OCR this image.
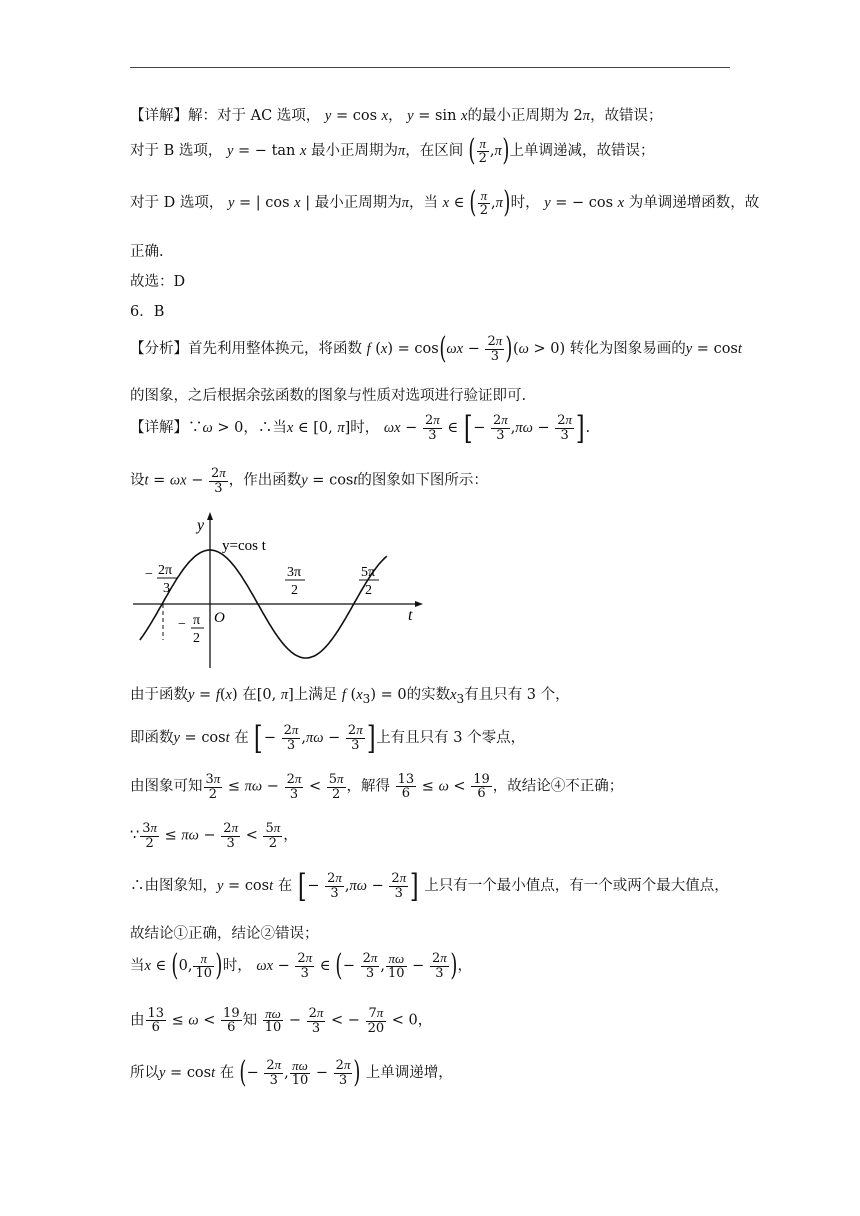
【详解】解：对于 AC 选项， y = cos x， y = sin x的最小正周期为 2π，故错误；
对于 B 选项， y = − tan x 最小正周期为π，在区间 ( $\frac{\pi}{2} ,\pi$)上单调递减，故错误；
对于 D 选项， y = | cos x | 最小正周期为π，当 x ∈ ( $\frac{\pi}{2} ,\pi$)时， y = − cos x 为单调递增函数，故
正确.
故选：D
6．B
【分析】首先利用整体换元，将函数 f $(x) = \cos(\omega x - \frac{2\pi}{3} )(\omega > 0)$ 转化为图象易画的y = cost
的图象，之后根据余弦函数的图象与性质对选项进行验证即可.
【详解】∵ω > 0，∴当x ∈ [0, π]时， $\omega x - \frac{2\pi}{3}$ ∈ [− $\frac{2\pi}{3} ,\pi\omega - \frac{2\pi}{3}$ ].
设$t = \omega x - \frac{2\pi}{3}$ ，作出函数y = cost的图象如下图所示：
y
t
y=cos t
O
− 2π
3
− π
2
3π
2
5π
2
由于函数y = f(x) 在[0, π]上满足 f $(x_3) = 0$的实数$x_3$有且只有 3 个，
即函数y = cost 在 [− $\frac{2\pi}{3} ,\pi\omega - \frac{2\pi}{3}$ ]上有且只有 3 个零点，
由图象可知 $\frac{3\pi}{2} \le \pi\omega - \frac{2\pi}{3} < \frac{5\pi}{2}$ ，解得 $\frac{13}{6} \le \omega < \frac{19}{6}$ ，故结论④不正确；
∵ $\frac{3\pi}{2} \le \pi\omega - \frac{2\pi}{3} < \frac{5\pi}{2}$ ，
∴由图象知，y = cost 在 [− $\frac{2\pi}{3} ,\pi\omega - \frac{2\pi}{3}$ ] 上只有一个最小值点，有一个或两个最大值点，
故结论①正确，结论②错误；
当x ∈ (0, $\frac{\pi}{10}$ )时， $\omega x - \frac{2\pi}{3}$ ∈ (− $\frac{2\pi}{3}$ , $\frac{\pi\omega}{10} - \frac{2\pi}{3}$ )，
由 $\frac{13}{6} \le \omega < \frac{19}{6}$ 知 $\frac{\pi\omega}{10} - \frac{2\pi}{3}$ < − $\frac{7\pi}{20} < 0$，
所以y = cost 在 (− $\frac{2\pi}{3}$ , $\frac{\pi\omega}{10} - \frac{2\pi}{3}$ ) 上单调递增，
